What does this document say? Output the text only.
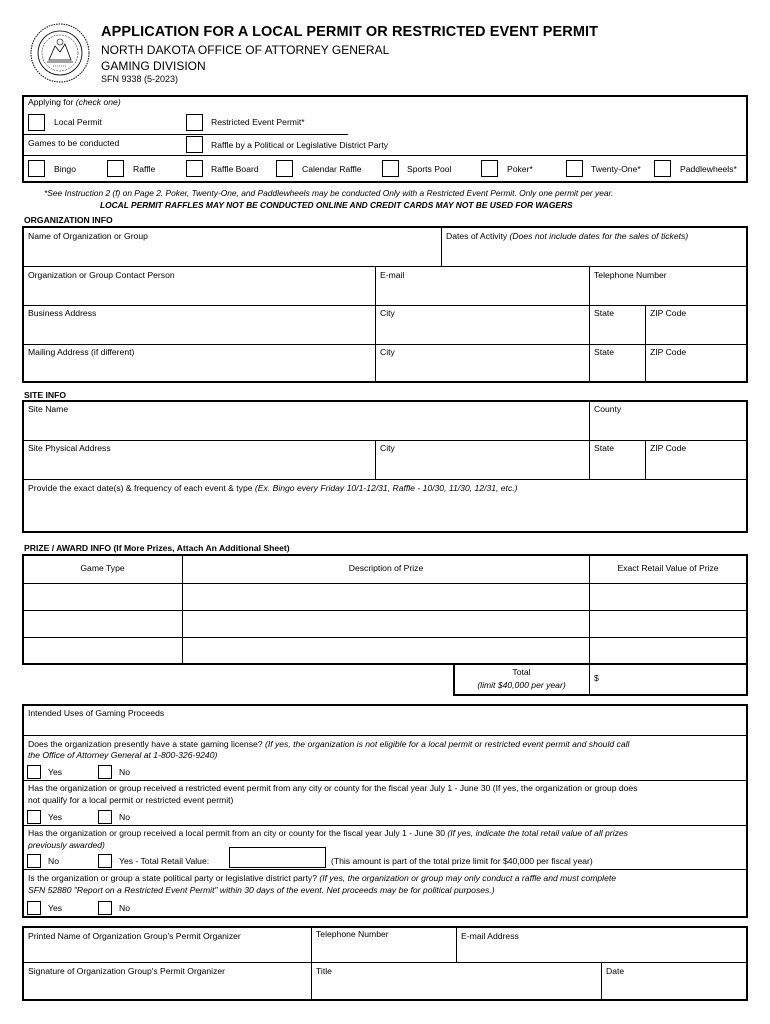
APPLICATION FOR A LOCAL PERMIT OR RESTRICTED EVENT PERMIT
NORTH DAKOTA OFFICE OF ATTORNEY GENERAL
GAMING DIVISION
SFN 9338 (5-2023)
Applying for (check one)
Local Permit	Restricted Event Permit*
Games to be conducted	Raffle by a Political or Legislative District Party
Bingo	Raffle	Raffle Board	Calendar Raffle	Sports Pool	Poker*	Twenty-One*	Paddlewheels*
*See Instruction 2 (f) on Page 2. Poker, Twenty-One, and Paddlewheels may be conducted Only with a Restricted Event Permit. Only one permit per year.
LOCAL PERMIT RAFFLES MAY NOT BE CONDUCTED ONLINE AND CREDIT CARDS MAY NOT BE USED FOR WAGERS
ORGANIZATION INFO
Name of Organization or Group	Dates of Activity (Does not include dates for the sales of tickets)
Organization or Group Contact Person	E-mail	Telephone Number
Business Address	City	State	ZIP Code
Mailing Address (if different)	City	State	ZIP Code
SITE INFO
Site Name	County
Site Physical Address	City	State	ZIP Code
Provide the exact date(s) & frequency of each event & type (Ex. Bingo every Friday 10/1-12/31, Raffle - 10/30, 11/30, 12/31, etc.)
PRIZE / AWARD INFO (If More Prizes, Attach An Additional Sheet)
Game Type	Description of Prize	Exact Retail Value of Prize
Total
(limit $40,000 per year)
$
Intended Uses of Gaming Proceeds
Does the organization presently have a state gaming license? (If yes, the organization is not eligible for a local permit or restricted event permit and should call
the Office of Attorney General at 1-800-326-9240)
Yes	No
Has the organization or group received a restricted event permit from any city or county for the fiscal year July 1 - June 30 (If yes, the organization or group does
not qualify for a local permit or restricted event permit)
Yes	No
Has the organization or group received a local permit from an city or county for the fiscal year July 1 - June 30 (If yes, indicate the total retail value of all prizes
previously awarded)
No	Yes - Total Retail Value:	(This amount is part of the total prize limit for $40,000 per fiscal year)
Is the organization or group a state political party or legislative district party? (If yes, the organization or group may only conduct a raffle and must complete
SFN 52880 "Report on a Restricted Event Permit" within 30 days of the event. Net proceeds may be for political purposes.)
Yes	No
Printed Name of Organization Group's Permit Organizer	Telephone Number	E-mail Address
Signature of Organization Group's Permit Organizer	Title	Date
